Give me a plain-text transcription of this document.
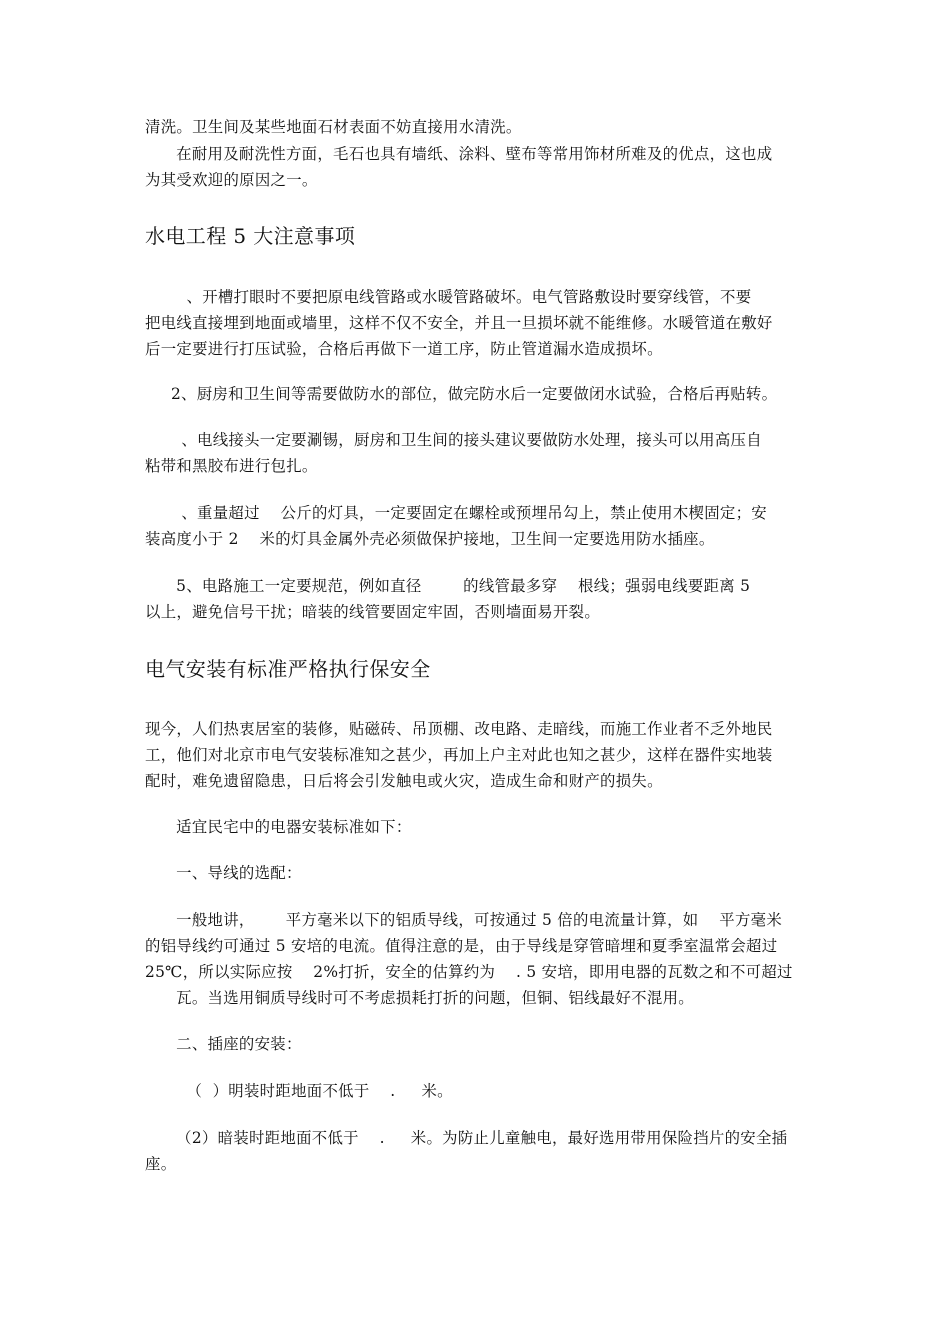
清洗。卫生间及某些地面石材表面不妨直接用水清洗。
在耐用及耐洗性方面，毛石也具有墙纸、涂料、壁布等常用饰材所难及的优点，这也成
为其受欢迎的原因之一。
水电工程 5 大注意事项
、开槽打眼时不要把原电线管路或水暖管路破坏。电气管路敷设时要穿线管，不要
把电线直接埋到地面或墙里，这样不仅不安全，并且一旦损坏就不能维修。水暖管道在敷好
后一定要进行打压试验，合格后再做下一道工序，防止管道漏水造成损坏。
2、厨房和卫生间等需要做防水的部位，做完防水后一定要做闭水试验，合格后再贴转。
、电线接头一定要涮锡，厨房和卫生间的接头建议要做防水处理，接头可以用高压自
粘带和黑胶布进行包扎。
、重量超过    公斤的灯具，一定要固定在螺栓或预埋吊勾上，禁止使用木楔固定；安
装高度小于 2    米的灯具金属外壳必须做保护接地，卫生间一定要选用防水插座。
5、电路施工一定要规范，例如直径        的线管最多穿    根线；强弱电线要距离 5
以上，避免信号干扰；暗装的线管要固定牢固，否则墙面易开裂。
电气安装有标准严格执行保安全
现今，人们热衷居室的装修，贴磁砖、吊顶棚、改电路、走暗线，而施工作业者不乏外地民
工，他们对北京市电气安装标准知之甚少，再加上户主对此也知之甚少，这样在器件实地装
配时，难免遗留隐患，日后将会引发触电或火灾，造成生命和财产的损失。
适宜民宅中的电器安装标准如下：
一、导线的选配：
一般地讲，      平方毫米以下的铝质导线，可按通过 5 倍的电流量计算，如    平方毫米
的铝导线约可通过 5 安培的电流。值得注意的是，由于导线是穿管暗埋和夏季室温常会超过
25℃，所以实际应按    2%打折，安全的估算约为    . 5 安培，即用电器的瓦数之和不可超过
瓦。当选用铜质导线时可不考虑损耗打折的问题，但铜、铝线最好不混用。
二、插座的安装：
（  ）明装时距地面不低于    .     米。
（2）暗装时距地面不低于    .     米。为防止儿童触电，最好选用带用保险挡片的安全插
座。
